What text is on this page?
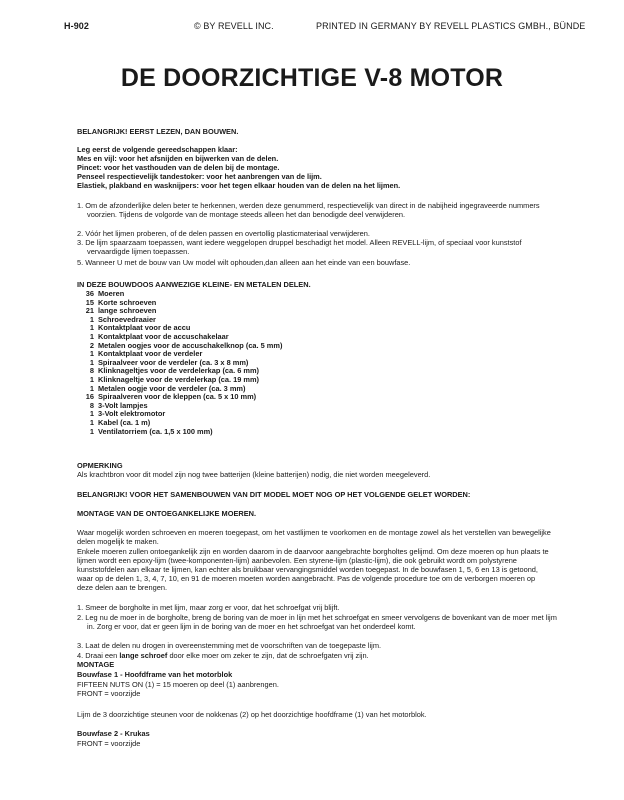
H-902	© BY REVELL INC.	PRINTED IN GERMANY BY REVELL PLASTICS GMBH., BÜNDE
DE DOORZICHTIGE V-8 MOTOR

BELANGRIJK! EERST LEZEN, DAN BOUWEN.

Leg eerst de volgende gereedschappen klaar:

Mes en vijl: voor het afsnijden en bijwerken van de delen.

Pincet: voor het vasthouden van de delen bij de montage.

Penseel respectievelijk tandestoker: voor het aanbrengen van de lijm.

Elastiek, plakband en wasknijpers: voor het tegen elkaar houden van de delen na het lijmen.

1. Om de afzonderlijke delen beter te herkennen, werden deze genummerd, respectievelijk van direct in de nabijheid ingegraveerde nummers voorzien. Tijdens de volgorde van de montage steeds alleen het dan benodigde deel verwijderen.

2. Vóór het lijmen proberen, of de delen passen en overtollig plasticmateriaal verwijderen.

3. De lijm spaarzaam toepassen, want iedere weggelopen druppel beschadigt het model. Alleen REVELL-lijm, of speciaal voor kunststof vervaardigde lijmen toepassen.

5. Wanneer U met de bouw van Uw model wilt ophouden,dan alleen aan het einde van een bouwfase.

IN DEZE BOUWDOOS AANWEZIGE KLEINE- EN METALEN DELEN.

36 Moeren
15 Korte schroeven
21 lange schroeven
1 Schroevedraaier
1 Kontaktplaat voor de accu
1 Kontaktplaat voor de accuschakelaar
2 Metalen oogjes voor de accuschakelknop (ca. 5 mm)
1 Kontaktplaat voor de verdeler
1 Spiraalveer voor de verdeler (ca. 3 x 8 mm)
8 Klinknageltjes voor de verdelerkap (ca. 6 mm)
1 Klinknageltje voor de verdelerkap (ca. 19 mm)
1 Metalen oogje voor de verdeler (ca. 3 mm)
16 Spiraalveren voor de kleppen (ca. 5 x 10 mm)
8 3-Volt lampjes
1 3-Volt elektromotor
1 Kabel (ca. 1 m)
1 Ventilatorriem (ca. 1,5 x 100 mm)

OPMERKING

Als krachtbron voor dit model zijn nog twee batterijen (kleine batterijen) nodig, die niet worden meegeleverd.

BELANGRIJK! VOOR HET SAMENBOUWEN VAN DIT MODEL MOET NOG OP HET VOLGENDE GELET WORDEN:

MONTAGE VAN DE ONTOEGANKELIJKE MOEREN.

Waar mogelijk worden schroeven en moeren toegepast, om het vastlijmen te voorkomen en de montage zowel als het verstellen van bewegelijke delen mogelijk te maken.

Enkele moeren zullen ontoegankelijk zijn en worden daarom in de daarvoor aangebrachte borgholtes gelijmd. Om deze moeren op hun plaats te lijmen wordt een epoxy-lijm (twee-komponenten-lijm) aanbevolen. Een styrene-lijm (plastic-lijm), die ook gebruikt wordt om polystyrene kunststofdelen aan elkaar te lijmen, kan echter als bruikbaar vervangingsmiddel worden toegepast. In de bouwfasen 1, 5, 6 en 13 is getoond, waar op de delen 1, 3, 4, 7, 10, en 91 de moeren moeten worden aangebracht. Pas de volgende procedure toe om de verborgen moeren op deze delen aan te brengen.

1. Smeer de borgholte in met lijm, maar zorg er voor, dat het schroefgat vrij blijft.

2. Leg nu de moer in de borgholte, breng de boring van de moer in lijn met het schroefgat en smeer vervolgens de bovenkant van de moer met lijm in. Zorg er voor, dat er geen lijm in de boring van de moer en het schroefgat van het onderdeel komt.

3. Laat de delen nu drogen in overeenstemming met de voorschriften van de toegepaste lijm.

4. Draai een lange schroef door elke moer om zeker te zijn, dat de schroefgaten vrij zijn.

MONTAGE

Bouwfase 1 - Hoofdframe van het motorblok

FIFTEEN NUTS ON (1) = 15 moeren op deel (1) aanbrengen.

FRONT = voorzijde

Lijm de 3 doorzichtige steunen voor de nokkenas (2) op het doorzichtige hoofdframe (1) van het motorblok.

Bouwfase 2 - Krukas

FRONT = voorzijde
